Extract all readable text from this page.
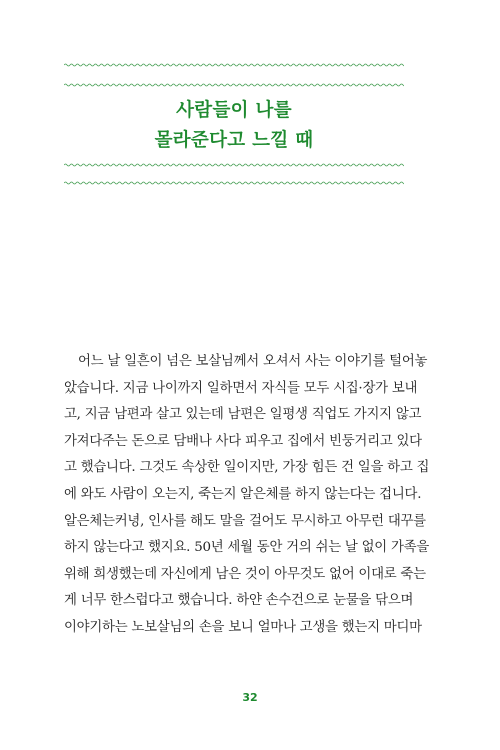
사람들이 나를
몰라준다고 느낄 때
어느 날 일흔이 넘은 보살님께서 오셔서 사는 이야기를 털어놓
았습니다. 지금 나이까지 일하면서 자식들 모두 시집·장가 보내
고, 지금 남편과 살고 있는데 남편은 일평생 직업도 가지지 않고
가져다주는 돈으로 담배나 사다 피우고 집에서 빈둥거리고 있다
고 했습니다. 그것도 속상한 일이지만, 가장 힘든 건 일을 하고 집
에 와도 사람이 오는지, 죽는지 알은체를 하지 않는다는 겁니다.
알은체는커녕, 인사를 해도 말을 걸어도 무시하고 아무런 대꾸를
하지 않는다고 했지요. 50년 세월 동안 거의 쉬는 날 없이 가족을
위해 희생했는데 자신에게 남은 것이 아무것도 없어 이대로 죽는
게 너무 한스럽다고 했습니다. 하얀 손수건으로 눈물을 닦으며
이야기하는 노보살님의 손을 보니 얼마나 고생을 했는지 마디마
32
